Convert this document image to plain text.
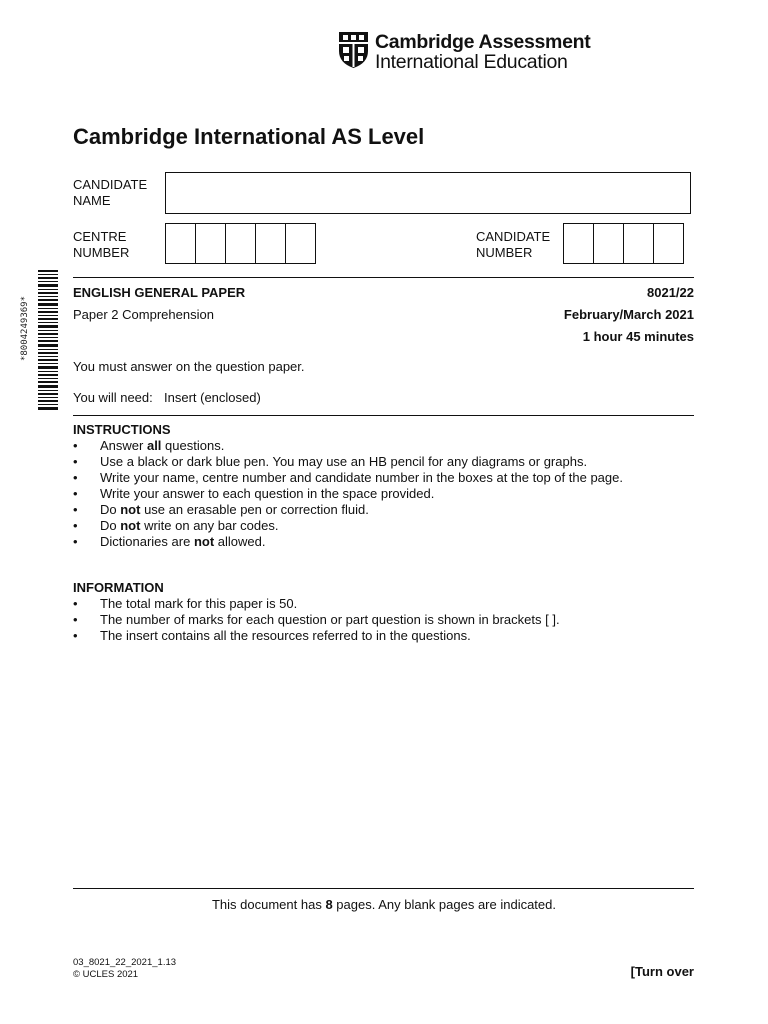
Cambridge Assessment
International Education
Cambridge International AS Level
CANDIDATE
NAME
CENTRE
NUMBER
CANDIDATE
NUMBER
*8004249369*
ENGLISH GENERAL PAPER	8021/22
Paper 2 Comprehension	February/March 2021
1 hour 45 minutes
You must answer on the question paper.
You will need: Insert (enclosed)
INSTRUCTIONS
• Answer all questions.
• Use a black or dark blue pen. You may use an HB pencil for any diagrams or graphs.
• Write your name, centre number and candidate number in the boxes at the top of the page.
• Write your answer to each question in the space provided.
• Do not use an erasable pen or correction fluid.
• Do not write on any bar codes.
• Dictionaries are not allowed.
INFORMATION
• The total mark for this paper is 50.
• The number of marks for each question or part question is shown in brackets [ ].
• The insert contains all the resources referred to in the questions.
This document has 8 pages. Any blank pages are indicated.
03_8021_22_2021_1.13
© UCLES 2021	[Turn over
